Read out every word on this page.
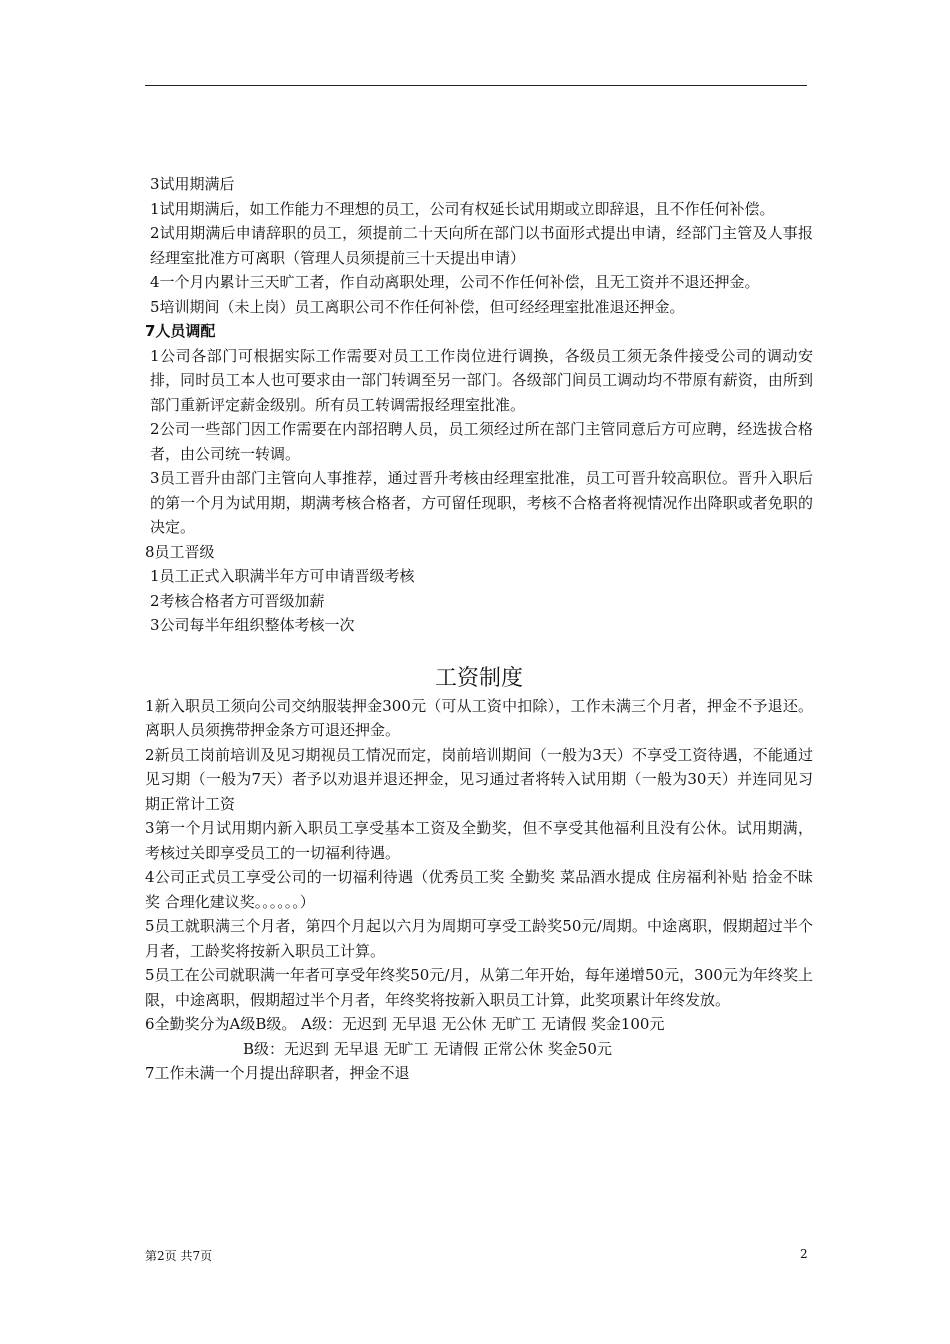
3试用期满后

1试用期满后，如工作能力不理想的员工，公司有权延长试用期或立即辞退，且不作任何补偿。

2试用期满后申请辞职的员工，须提前二十天向所在部门以书面形式提出申请，经部门主管及人事报经理室批准方可离职（管理人员须提前三十天提出申请）

4一个月内累计三天旷工者，作自动离职处理，公司不作任何补偿，且无工资并不退还押金。

5培训期间（未上岗）员工离职公司不作任何补偿，但可经经理室批准退还押金。

7人员调配

1公司各部门可根据实际工作需要对员工工作岗位进行调换，各级员工须无条件接受公司的调动安排，同时员工本人也可要求由一部门转调至另一部门。各级部门间员工调动均不带原有薪资，由所到部门重新评定薪金级别。所有员工转调需报经理室批准。

2公司一些部门因工作需要在内部招聘人员，员工须经过所在部门主管同意后方可应聘，经选拔合格者，由公司统一转调。

3员工晋升由部门主管向人事推荐，通过晋升考核由经理室批准，员工可晋升较高职位。晋升入职后的第一个月为试用期，期满考核合格者，方可留任现职，考核不合格者将视情况作出降职或者免职的决定。

8员工晋级

1员工正式入职满半年方可申请晋级考核

2考核合格者方可晋级加薪

3公司每半年组织整体考核一次

工资制度

1新入职员工须向公司交纳服装押金300元（可从工资中扣除），工作未满三个月者，押金不予退还。离职人员须携带押金条方可退还押金。

2新员工岗前培训及见习期视员工情况而定，岗前培训期间（一般为3天）不享受工资待遇，不能通过见习期（一般为7天）者予以劝退并退还押金，见习通过者将转入试用期（一般为30天）并连同见习期正常计工资

3第一个月试用期内新入职员工享受基本工资及全勤奖，但不享受其他福利且没有公休。试用期满，考核过关即享受员工的一切福利待遇。

4公司正式员工享受公司的一切福利待遇（优秀员工奖 全勤奖 菜品酒水提成 住房福利补贴 拾金不昧奖 合理化建议奖。。。。。。）

5员工就职满三个月者，第四个月起以六月为周期可享受工龄奖50元/周期。中途离职，假期超过半个月者，工龄奖将按新入职员工计算。

5员工在公司就职满一年者可享受年终奖50元/月，从第二年开始，每年递增50元，300元为年终奖上限，中途离职，假期超过半个月者，年终奖将按新入职员工计算，此奖项累计年终发放。

6全勤奖分为A级B级。 A级：无迟到 无早退 无公休 无旷工 无请假 奖金100元

B级：无迟到 无早退 无旷工 无请假 正常公休 奖金50元

7工作未满一个月提出辞职者，押金不退

第2页 共7页	2
